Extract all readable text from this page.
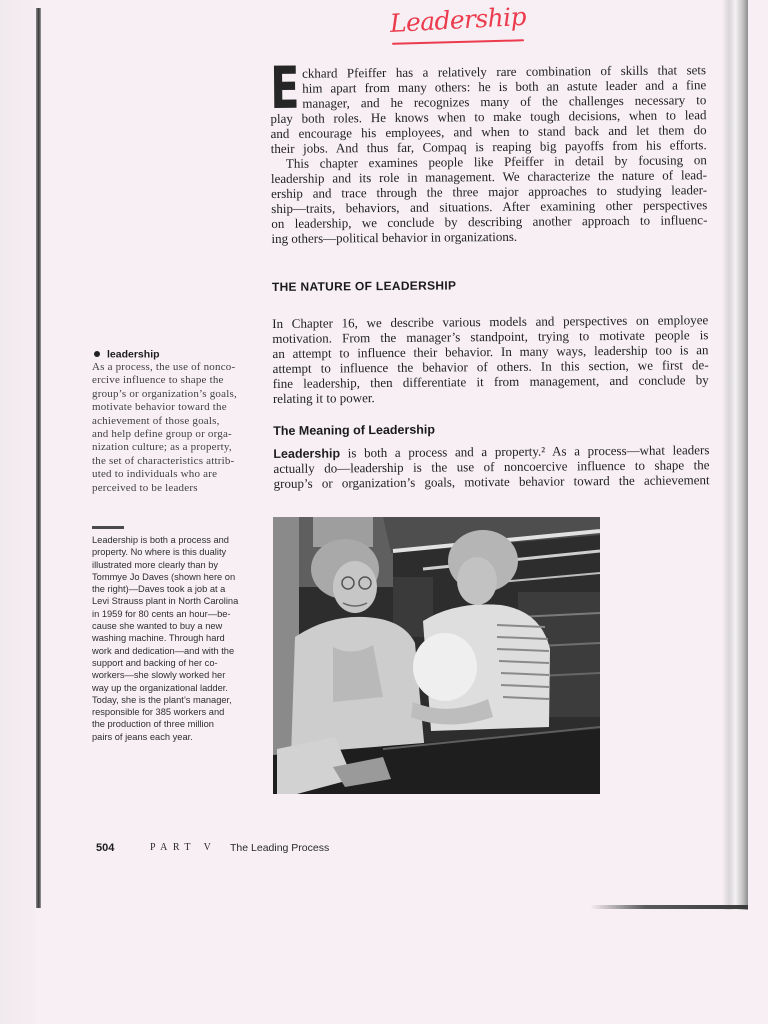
Leadership
E ckhard Pfeiffer has a relatively rare combination of skills that sets
him apart from many others: he is both an astute leader and a fine
manager, and he recognizes many of the challenges necessary to
play both roles. He knows when to make tough decisions, when to lead
and encourage his employees, and when to stand back and let them do
their jobs. And thus far, Compaq is reaping big payoffs from his efforts.
This chapter examines people like Pfeiffer in detail by focusing on
leadership and its role in management. We characterize the nature of lead-
ership and trace through the three major approaches to studying leader-
ship—traits, behaviors, and situations. After examining other perspectives
on leadership, we conclude by describing another approach to influenc-
ing others—political behavior in organizations.
THE NATURE OF LEADERSHIP
In Chapter 16, we describe various models and perspectives on employee
motivation. From the manager’s standpoint, trying to motivate people is
an attempt to influence their behavior. In many ways, leadership too is an
attempt to influence the behavior of others. In this section, we first de-
fine leadership, then differentiate it from management, and conclude by
relating it to power.
The Meaning of Leadership
Leadership is both a process and a property.² As a process—what leaders
actually do—leadership is the use of noncoercive influence to shape the
group’s or organization’s goals, motivate behavior toward the achievement
leadership
As a process, the use of nonco-
ercive influence to shape the
group’s or organization’s goals,
motivate behavior toward the
achievement of those goals,
and help define group or orga-
nization culture; as a property,
the set of characteristics attrib-
uted to individuals who are
perceived to be leaders
Leadership is both a process and
property. No where is this duality
illustrated more clearly than by
Tommye Jo Daves (shown here on
the right)—Daves took a job at a
Levi Strauss plant in North Carolina
in 1959 for 80 cents an hour—be-
cause she wanted to buy a new
washing machine. Through hard
work and dedication—and with the
support and backing of her co-
workers—she slowly worked her
way up the organizational ladder.
Today, she is the plant’s manager,
responsible for 385 workers and
the production of three million
pairs of jeans each year.
504	PART V The Leading Process
